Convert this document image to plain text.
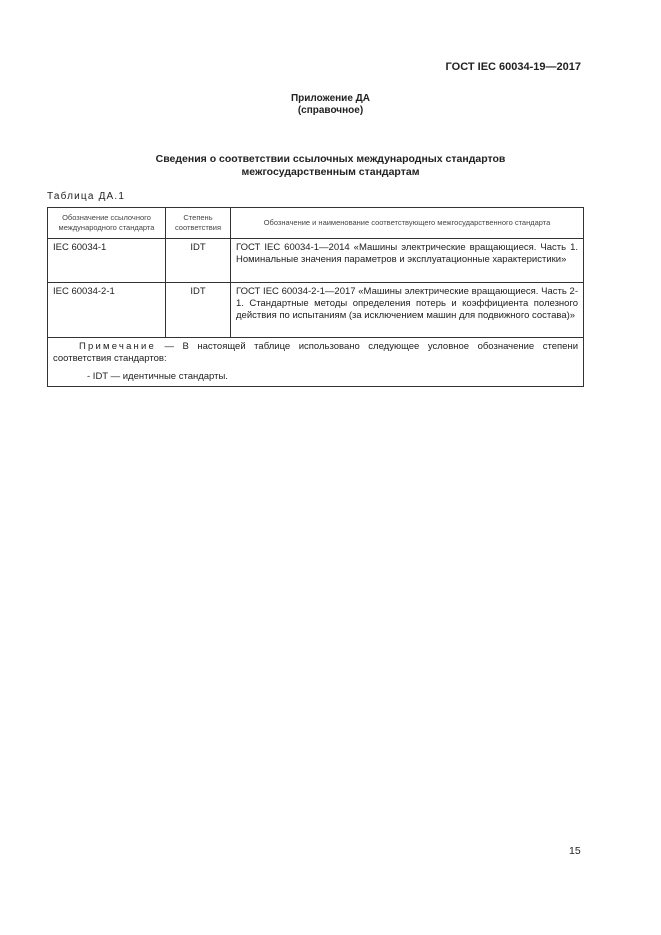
ГОСТ IEC 60034-19—2017
Приложение ДА
(справочное)
Сведения о соответствии ссылочных международных стандартов
межгосударственным стандартам
Таблица ДА.1
Обозначение ссылочного международного стандарта	Степень соответствия	Обозначение и наименование соответствующего межгосударственного стандарта
IEC 60034-1	IDT	ГОСТ IEC 60034-1—2014 «Машины электрические вращающиеся. Часть 1. Номинальные значения параметров и эксплуатационные характеристики»
IEC 60034-2-1	IDT	ГОСТ IEC 60034-2-1—2017 «Машины электрические вращающиеся. Часть 2-1. Стандартные методы определения потерь и коэффициента полезного действия по испытаниям (за исключением машин для подвижного состава)»

Примечание — В настоящей таблице использовано следующее условное обозначение степени соответствия стандартов:

- IDT — идентичные стандарты.		
15
